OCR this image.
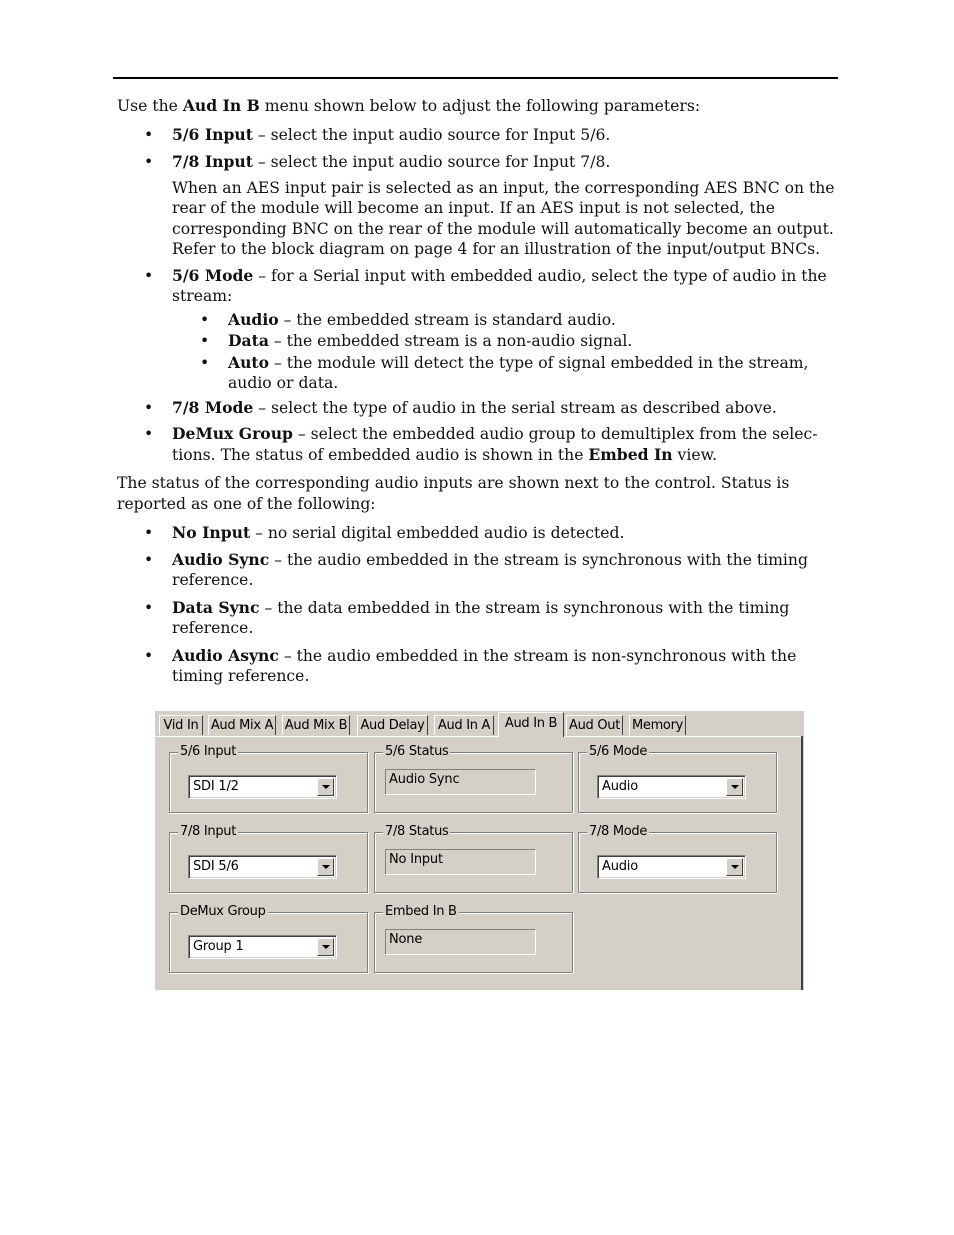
Use the Aud In B menu shown below to adjust the following parameters:

• 5/6 Input – select the input audio source for Input 5/6.
• 7/8 Input – select the input audio source for Input 7/8.

When an AES input pair is selected as an input, the corresponding AES BNC on the rear of the module will become an input. If an AES input is not selected, the corresponding BNC on the rear of the module will automatically become an output. Refer to the block diagram on page 4 for an illustration of the input/output BNCs.

• 5/6 Mode – for a Serial input with embedded audio, select the type of audio in the stream:
• Audio – the embedded stream is standard audio.
• Data – the embedded stream is a non-audio signal.
• Auto – the module will detect the type of signal embedded in the stream, audio or data.
• 7/8 Mode – select the type of audio in the serial stream as described above.
• DeMux Group – select the embedded audio group to demultiplex from the selec-tions. The status of embedded audio is shown in the Embed In view.

The status of the corresponding audio inputs are shown next to the control. Status is reported as one of the following:

• No Input – no serial digital embedded audio is detected.
• Audio Sync – the audio embedded in the stream is synchronous with the timing reference.
• Data Sync – the data embedded in the stream is synchronous with the timing reference.
• Audio Async – the audio embedded in the stream is non-synchronous with the timing reference.
Vid In Aud Mix A Aud Mix B Aud Delay Aud In A	Aud In B Aud Out Memory
5/6 Input
SDI 1/2
5/6 Status
Audio Sync
5/6 Mode
Audio
7/8 Input
SDI 5/6
7/8 Status
No Input
7/8 Mode
Audio
DeMux Group
Group 1
Embed In B
None
